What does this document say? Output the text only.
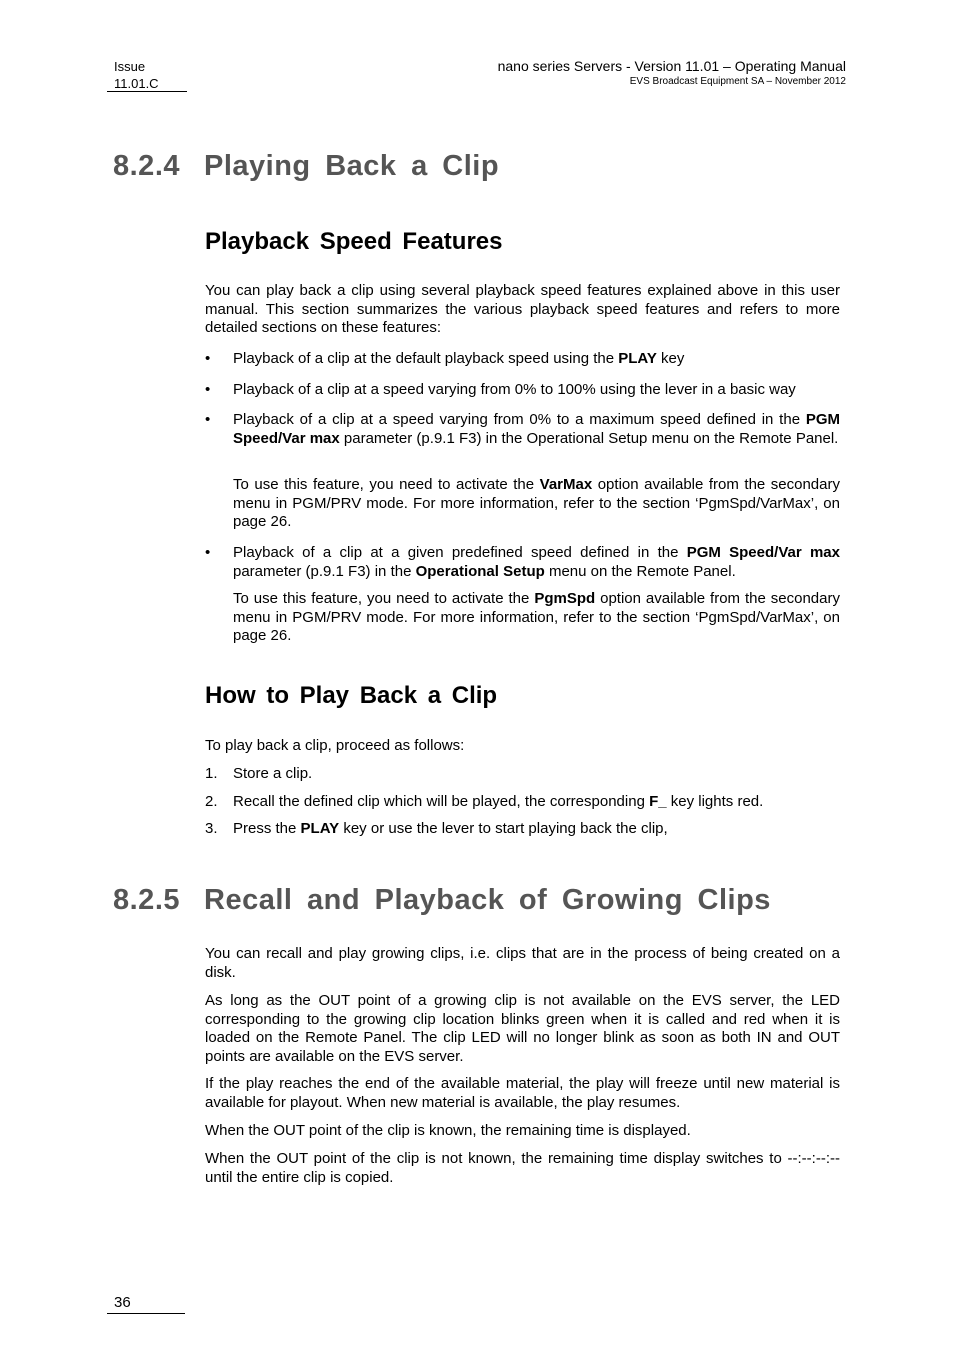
Issue
11.01.C
nano series Servers - Version 11.01 – Operating Manual
EVS Broadcast Equipment SA – November 2012
8.2.4 Playing Back a Clip
Playback Speed Features
You can play back a clip using several playback speed features explained above in this user manual. This section summarizes the various playback speed features and refers to more detailed sections on these features:
•	Playback of a clip at the default playback speed using the PLAY key
•	Playback of a clip at a speed varying from 0% to 100% using the lever in a basic way
•	Playback of a clip at a speed varying from 0% to a maximum speed defined in the PGM Speed/Var max parameter (p.9.1 F3) in the Operational Setup menu on the Remote Panel.
To use this feature, you need to activate the VarMax option available from the secondary menu in PGM/PRV mode. For more information, refer to the section ‘PgmSpd/VarMax’, on page 26.
•	Playback of a clip at a given predefined speed defined in the PGM Speed/Var max parameter (p.9.1 F3) in the Operational Setup menu on the Remote Panel.
To use this feature, you need to activate the PgmSpd option available from the secondary menu in PGM/PRV mode. For more information, refer to the section ‘PgmSpd/VarMax’, on page 26.
How to Play Back a Clip
To play back a clip, proceed as follows:
1. Store a clip.
2. Recall the defined clip which will be played, the corresponding F_ key lights red.
3. Press the PLAY key or use the lever to start playing back the clip,
8.2.5 Recall and Playback of Growing Clips
You can recall and play growing clips, i.e. clips that are in the process of being created on a disk.
As long as the OUT point of a growing clip is not available on the EVS server, the LED corresponding to the growing clip location blinks green when it is called and red when it is loaded on the Remote Panel. The clip LED will no longer blink as soon as both IN and OUT points are available on the EVS server.
If the play reaches the end of the available material, the play will freeze until new material is available for playout. When new material is available, the play resumes.
When the OUT point of the clip is known, the remaining time is displayed.
When the OUT point of the clip is not known, the remaining time display switches to --:--:--:-- until the entire clip is copied.
36
